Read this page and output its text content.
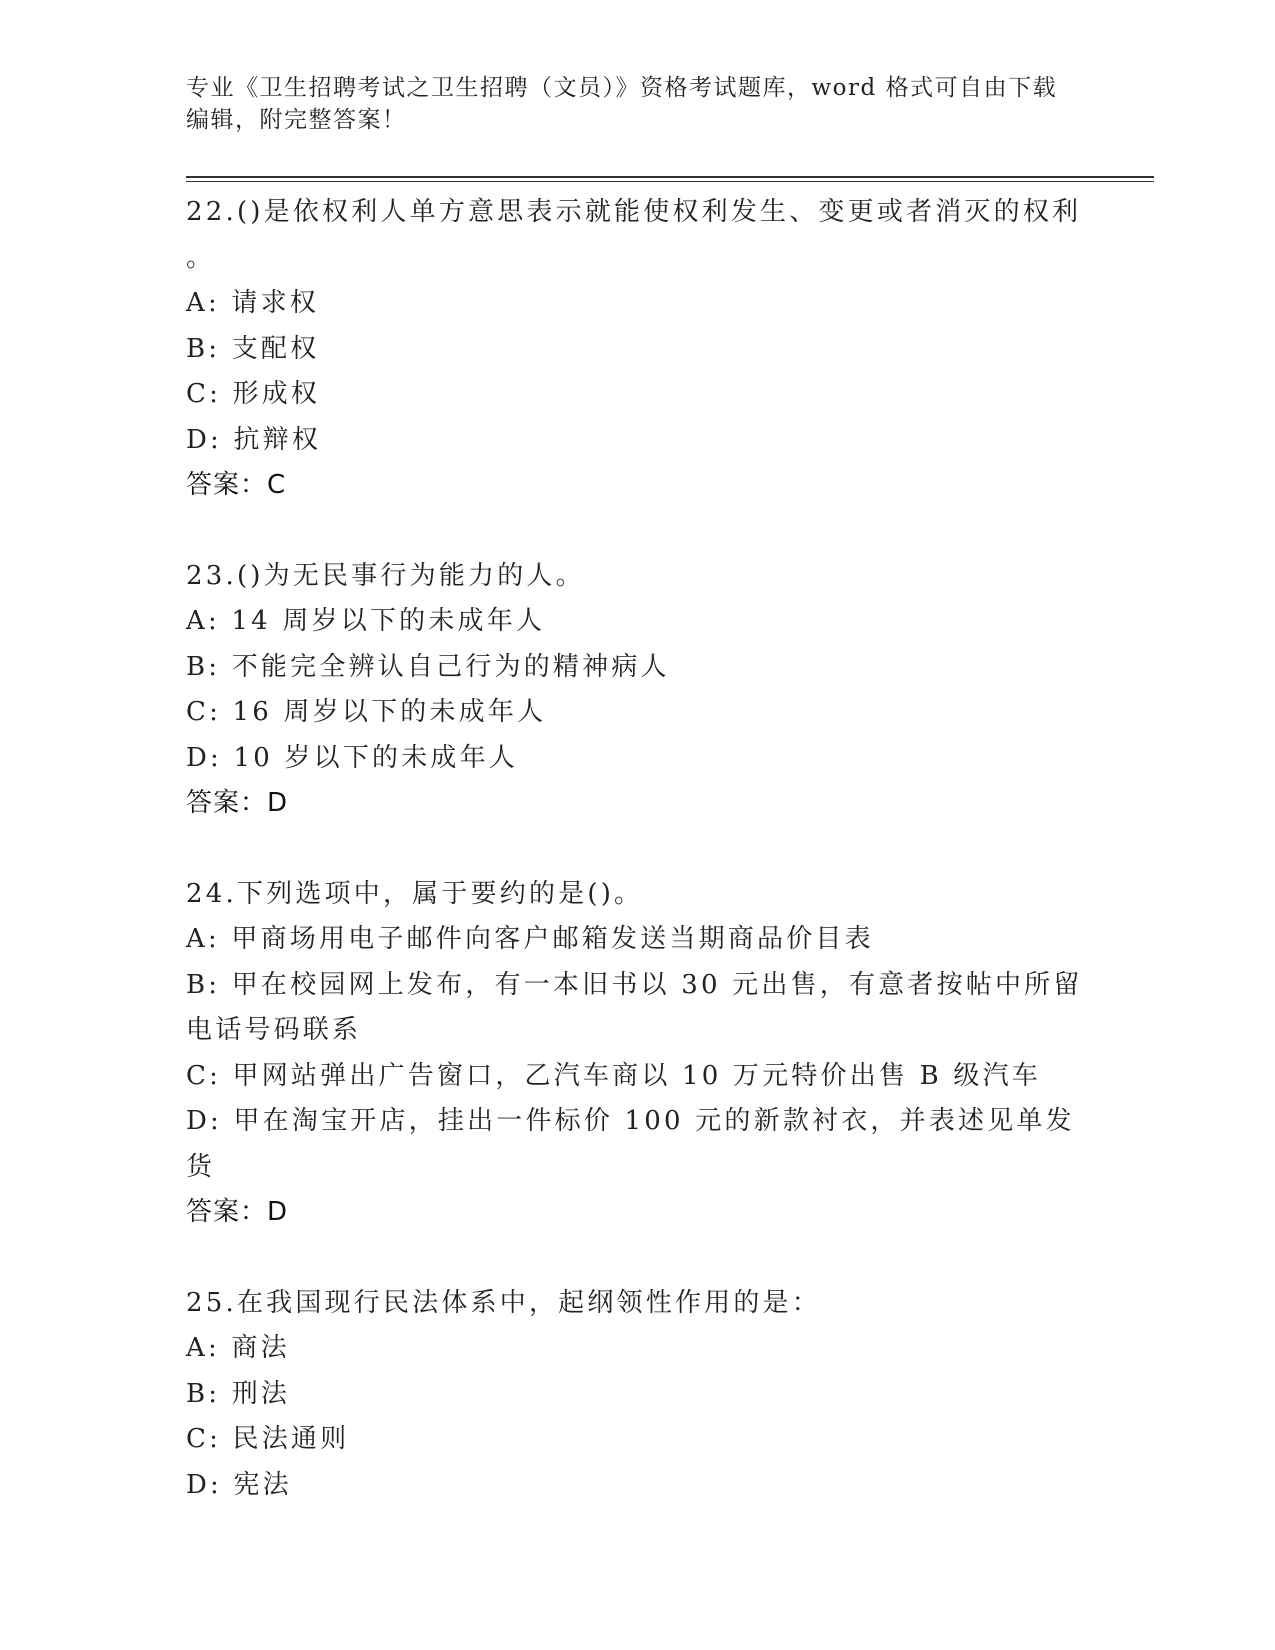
专业《卫生招聘考试之卫生招聘（文员）》资格考试题库，word 格式可自由下载
编辑，附完整答案！
22.()是依权利人单方意思表示就能使权利发生、变更或者消灭的权利
。
A: 请求权
B: 支配权
C: 形成权
D: 抗辩权
答案：C
23.()为无民事行为能力的人。
A: 14 周岁以下的未成年人
B: 不能完全辨认自己行为的精神病人
C: 16 周岁以下的未成年人
D: 10 岁以下的未成年人
答案：D
24.下列选项中，属于要约的是()。
A: 甲商场用电子邮件向客户邮箱发送当期商品价目表
B: 甲在校园网上发布，有一本旧书以 30 元出售，有意者按帖中所留
电话号码联系
C: 甲网站弹出广告窗口，乙汽车商以 10 万元特价出售 B 级汽车
D: 甲在淘宝开店，挂出一件标价 100 元的新款衬衣，并表述见单发货
答案：D
25.在我国现行民法体系中，起纲领性作用的是：
A: 商法
B: 刑法
C: 民法通则
D: 宪法
